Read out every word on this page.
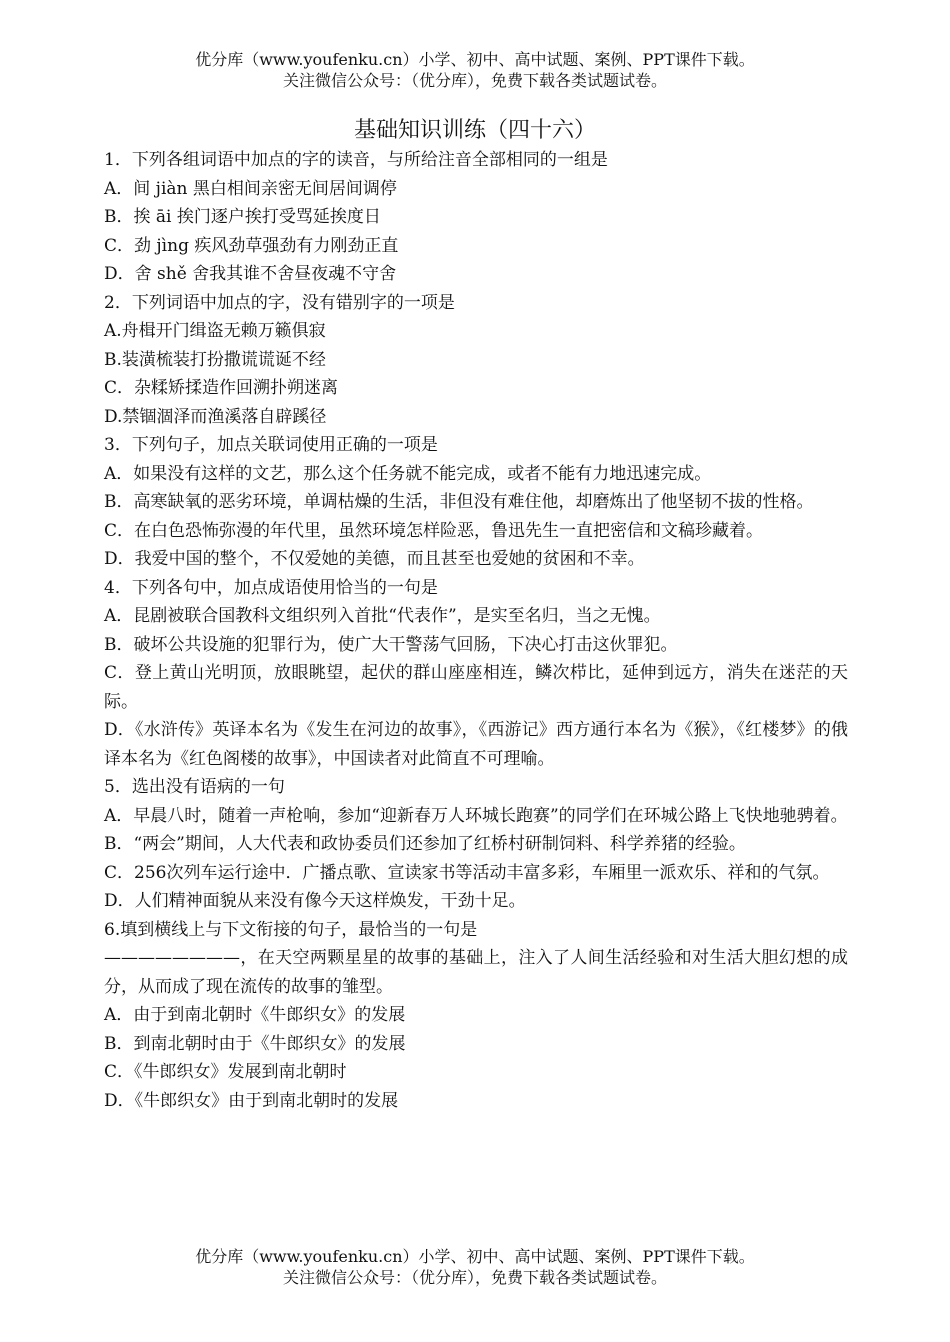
优分库（www.youfenku.cn）小学、初中、高中试题、案例、PPT课件下载。
关注微信公众号：（优分库），免费下载各类试题试卷。
基础知识训练（四十六）

1．下列各组词语中加点的字的读音，与所给注音全部相同的一组是

A．间 jiàn 黑白相间亲密无间居间调停

B．挨 āi 挨门逐户挨打受骂延挨度日

C．劲 jìng 疾风劲草强劲有力刚劲正直

D．舍 shě 舍我其谁不舍昼夜魂不守舍

2．下列词语中加点的字，没有错别字的一项是

A.舟楫开门缉盗无赖万籁俱寂

B.装潢梳装打扮撒谎谎诞不经

C．杂糅矫揉造作回溯扑朔迷离

D.禁锢涸泽而渔溪落自辟蹊径

3．下列句子，加点关联词使用正确的一项是

A．如果没有这样的文艺，那么这个任务就不能完成，或者不能有力地迅速完成。

B．高寒缺氧的恶劣环境，单调枯燥的生活，非但没有难住他，却磨炼出了他坚韧不拔的性格。

C．在白色恐怖弥漫的年代里，虽然环境怎样险恶，鲁迅先生一直把密信和文稿珍藏着。

D．我爱中国的整个，不仅爱她的美德，而且甚至也爱她的贫困和不幸。

4．下列各句中，加点成语使用恰当的一句是

A．昆剧被联合国教科文组织列入首批“代表作”，是实至名归，当之无愧。

B．破坏公共设施的犯罪行为，使广大干警荡气回肠，下决心打击这伙罪犯。

C．登上黄山光明顶，放眼眺望，起伏的群山座座相连，鳞次栉比，延伸到远方，消失在迷茫的天际。

D．《水浒传》英译本名为《发生在河边的故事》，《西游记》西方通行本名为《猴》，《红楼梦》的俄译本名为《红色阁楼的故事》，中国读者对此简直不可理喻。

5．选出没有语病的一句

A．早晨八时，随着一声枪响，参加“迎新春万人环城长跑赛”的同学们在环城公路上飞快地驰骋着。

B．“两会”期间，人大代表和政协委员们还参加了红桥村研制饲料、科学养猪的经验。

C．256次列车运行途中．广播点歌、宣读家书等活动丰富多彩，车厢里一派欢乐、祥和的气氛。

D．人们精神面貌从来没有像今天这样焕发，干劲十足。

6.填到横线上与下文衔接的句子，最恰当的一句是

————————，在天空两颗星星的故事的基础上，注入了人间生活经验和对生活大胆幻想的成分，从而成了现在流传的故事的雏型。

A．由于到南北朝时《牛郎织女》的发展

B．到南北朝时由于《牛郎织女》的发展

C．《牛郎织女》发展到南北朝时

D．《牛郎织女》由于到南北朝时的发展

优分库（www.youfenku.cn）小学、初中、高中试题、案例、PPT课件下载。
关注微信公众号：（优分库），免费下载各类试题试卷。
